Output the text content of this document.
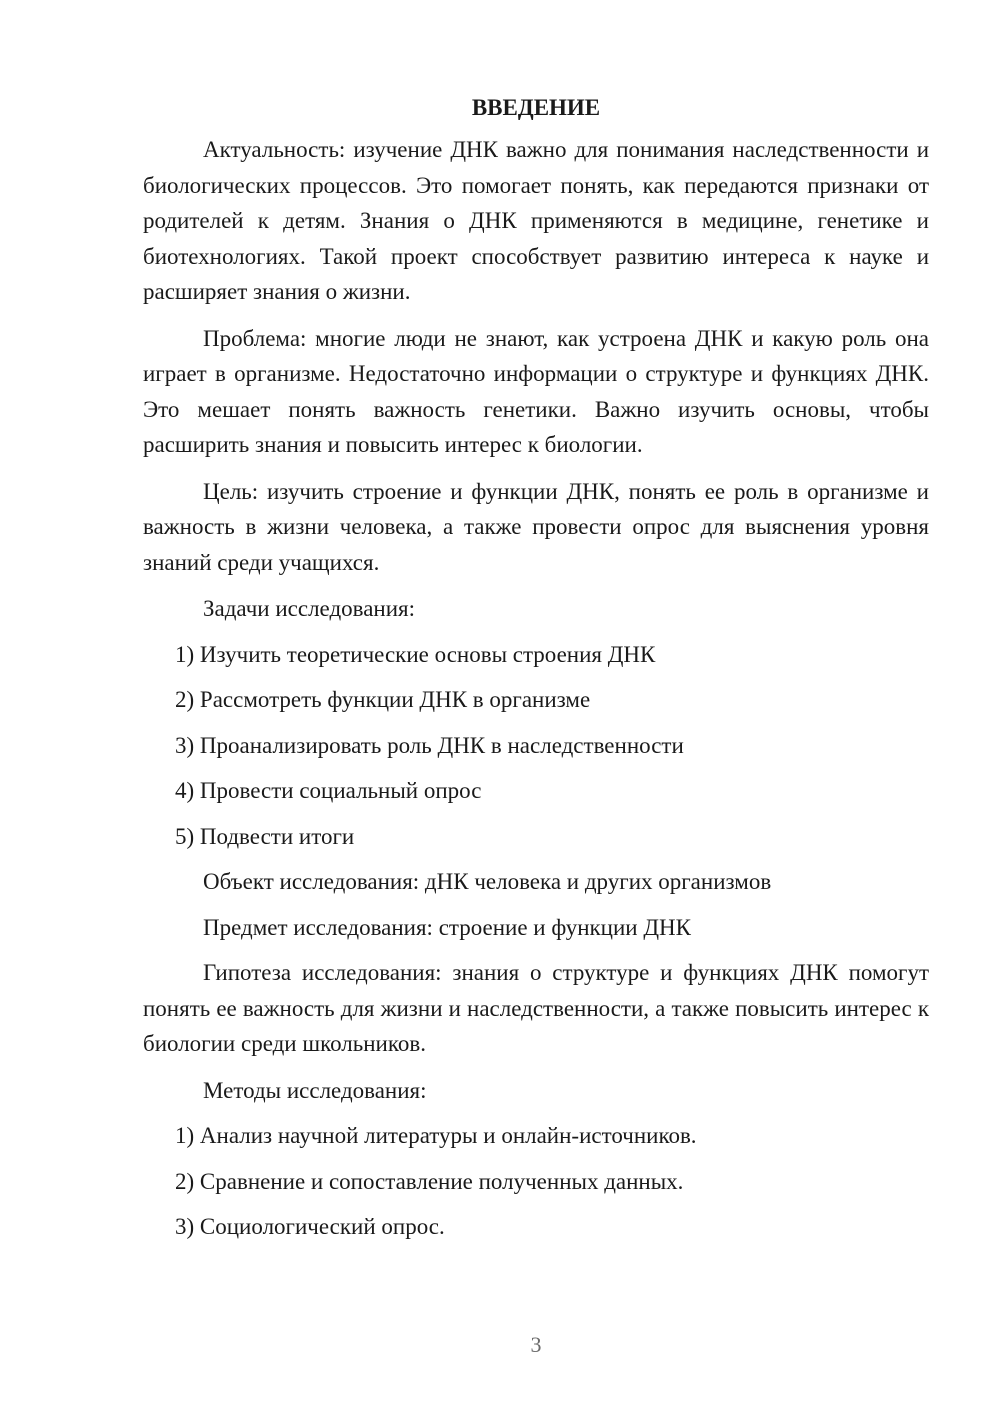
ВВЕДЕНИЕ

Актуальность: изучение ДНК важно для понимания наследственности и биологических процессов. Это помогает понять, как передаются признаки от родителей к детям. Знания о ДНК применяются в медицине, генетике и биотехнологиях. Такой проект способствует развитию интереса к науке и расширяет знания о жизни.

Проблема: многие люди не знают, как устроена ДНК и какую роль она играет в организме. Недостаточно информации о структуре и функциях ДНК. Это мешает понять важность генетики. Важно изучить основы, чтобы расширить знания и повысить интерес к биологии.

Цель: изучить строение и функции ДНК, понять ее роль в организме и важность в жизни человека, а также провести опрос для выяснения уровня знаний среди учащихся.

Задачи исследования:
1) Изучить теоретические основы строения ДНК
2) Рассмотреть функции ДНК в организме
3) Проанализировать роль ДНК в наследственности
4) Провести социальный опрос
5) Подвести итоги
Объект исследования: дНК человека и других организмов
Предмет исследования: строение и функции ДНК

Гипотеза исследования: знания о структуре и функциях ДНК помогут понять ее важность для жизни и наследственности, а также повысить интерес к биологии среди школьников.

Методы исследования:
1) Анализ научной литературы и онлайн-источников.
2) Сравнение и сопоставление полученных данных.
3) Социологический опрос.
3
